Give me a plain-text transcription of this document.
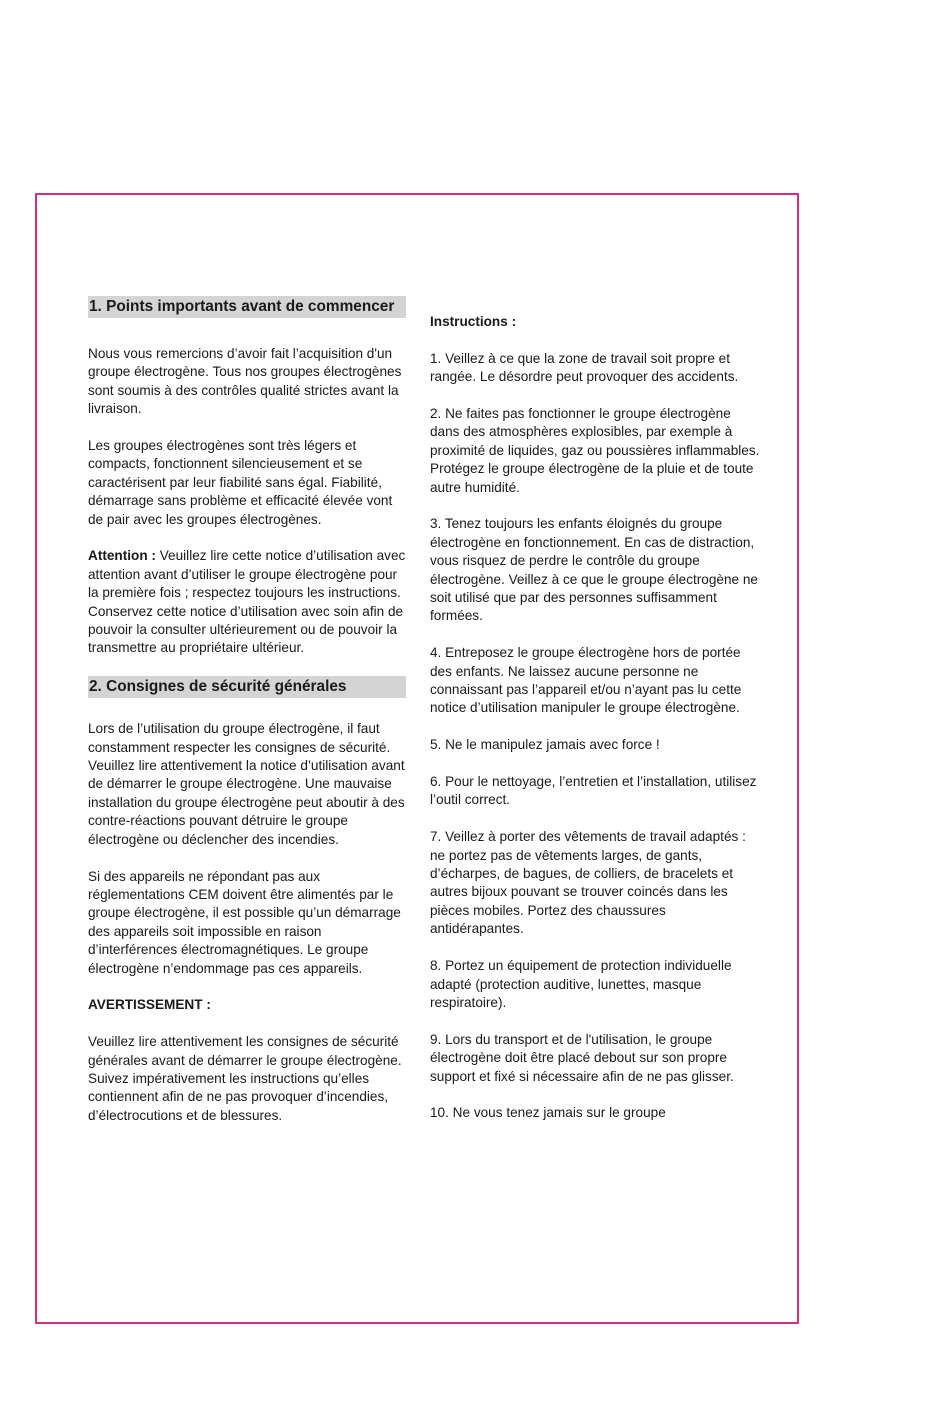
1. Points importants avant de commencer

Nous vous remercions d’avoir fait l’acquisition d'un groupe électrogène. Tous nos groupes électrogènes sont soumis à des contrôles qualité strictes avant la livraison.

Les groupes électrogènes sont très légers et compacts, fonctionnent silencieusement et se caractérisent par leur fiabilité sans égal. Fiabilité, démarrage sans problème et efficacité élevée vont de pair avec les groupes électrogènes.

Attention : Veuillez lire cette notice d’utilisation avec attention avant d’utiliser le groupe électrogène pour la première fois ; respectez toujours les instructions. Conservez cette notice d’utilisation avec soin afin de pouvoir la consulter ultérieurement ou de pouvoir la transmettre au propriétaire ultérieur.

2. Consignes de sécurité générales

Lors de l’utilisation du groupe électrogène, il faut constamment respecter les consignes de sécurité. Veuillez lire attentivement la notice d’utilisation avant de démarrer le groupe électrogène. Une mauvaise installation du groupe électrogène peut aboutir à des contre-réactions pouvant détruire le groupe électrogène ou déclencher des incendies.

Si des appareils ne répondant pas aux réglementations CEM doivent être alimentés par le groupe électrogène, il est possible qu’un démarrage des appareils soit impossible en raison d’interférences électromagnétiques. Le groupe électrogène n’endommage pas ces appareils.

AVERTISSEMENT :

Veuillez lire attentivement les consignes de sécurité générales avant de démarrer le groupe électrogène. Suivez impérativement les instructions qu’elles contiennent afin de ne pas provoquer d’incendies, d’électrocutions et de blessures.

Instructions :

1. Veillez à ce que la zone de travail soit propre et rangée. Le désordre peut provoquer des accidents.

2. Ne faites pas fonctionner le groupe électrogène dans des atmosphères explosibles, par exemple à proximité de liquides, gaz ou poussières inflammables. Protégez le groupe électrogène de la pluie et de toute autre humidité.

3. Tenez toujours les enfants éloignés du groupe électrogène en fonctionnement. En cas de distraction, vous risquez de perdre le contrôle du groupe électrogène. Veillez à ce que le groupe électrogène ne soit utilisé que par des personnes suffisamment formées.

4. Entreposez le groupe électrogène hors de portée des enfants. Ne laissez aucune personne ne connaissant pas l’appareil et/ou n’ayant pas lu cette notice d’utilisation manipuler le groupe électrogène.

5. Ne le manipulez jamais avec force !

6. Pour le nettoyage, l’entretien et l’installation, utilisez l’outil correct.

7. Veillez à porter des vêtements de travail adaptés : ne portez pas de vêtements larges, de gants, d’écharpes, de bagues, de colliers, de bracelets et autres bijoux pouvant se trouver coincés dans les pièces mobiles. Portez des chaussures antidérapantes.

8. Portez un équipement de protection individuelle adapté (protection auditive, lunettes, masque respiratoire).

9. Lors du transport et de l'utilisation, le groupe électrogène doit être placé debout sur son propre support et fixé si nécessaire afin de ne pas glisser.

10. Ne vous tenez jamais sur le groupe
